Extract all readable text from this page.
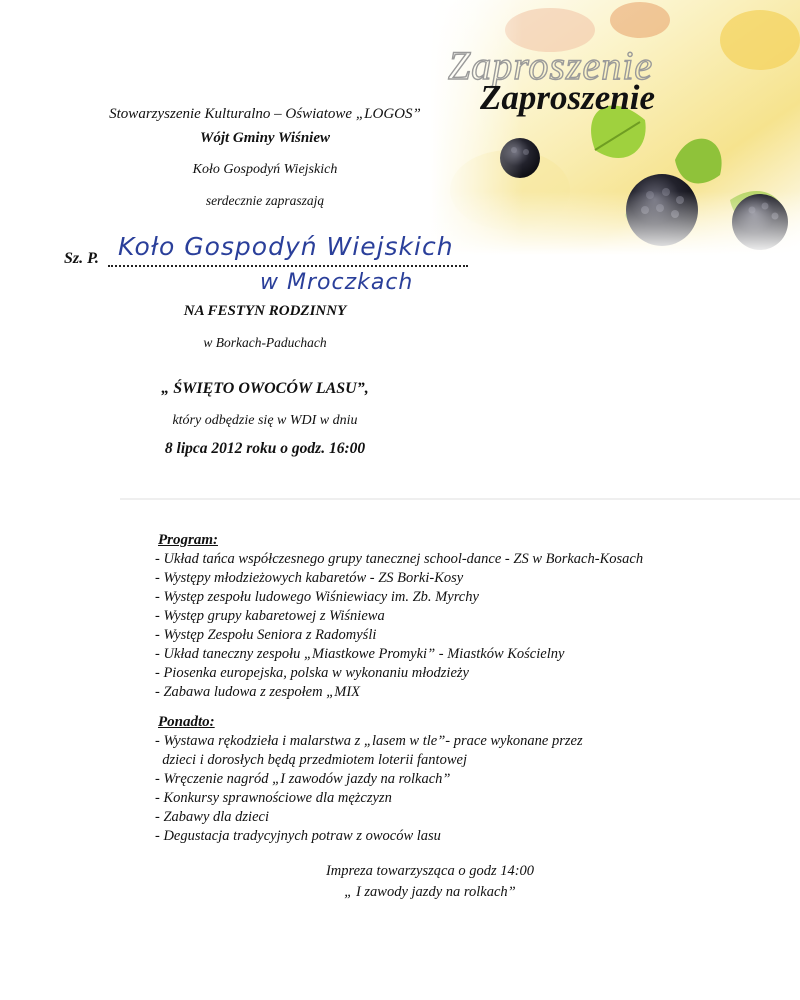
Zaproszenie
Zaproszenie
Stowarzyszenie Kulturalno – Oświatowe „LOGOS”
Wójt Gminy Wiśniew
Koło Gospodyń Wiejskich
serdecznie zapraszają
Sz. P. Koło Gospodyń Wiejskich
w Mroczkach
NA FESTYN RODZINNY
w Borkach-Paduchach
„ ŚWIĘTO OWOCÓW LASU”,
który odbędzie się w WDI w dniu
8 lipca 2012 roku o godz. 16:00
Program:
- Układ tańca współczesnego grupy tanecznej school-dance - ZS w Borkach-Kosach
- Występy młodzieżowych kabaretów - ZS Borki-Kosy
- Występ zespołu ludowego Wiśniewiacy im. Zb. Myrchy
- Występ grupy kabaretowej z Wiśniewa
- Występ Zespołu Seniora z Radomyśli
- Układ taneczny zespołu „Miastkowe Promyki” - Miastków Kościelny
- Piosenka europejska, polska w wykonaniu młodzieży
- Zabawa ludowa z zespołem „MIX
Ponadto:
- Wystawa rękodzieła i malarstwa z „lasem w tle”- prace wykonane przez
dzieci i dorosłych będą przedmiotem loterii fantowej
- Wręczenie nagród „I zawodów jazdy na rolkach”
- Konkursy sprawnościowe dla mężczyzn
- Zabawy dla dzieci
- Degustacja tradycyjnych potraw z owoców lasu
Impreza towarzysząca o godz 14:00
„ I zawody jazdy na rolkach”
